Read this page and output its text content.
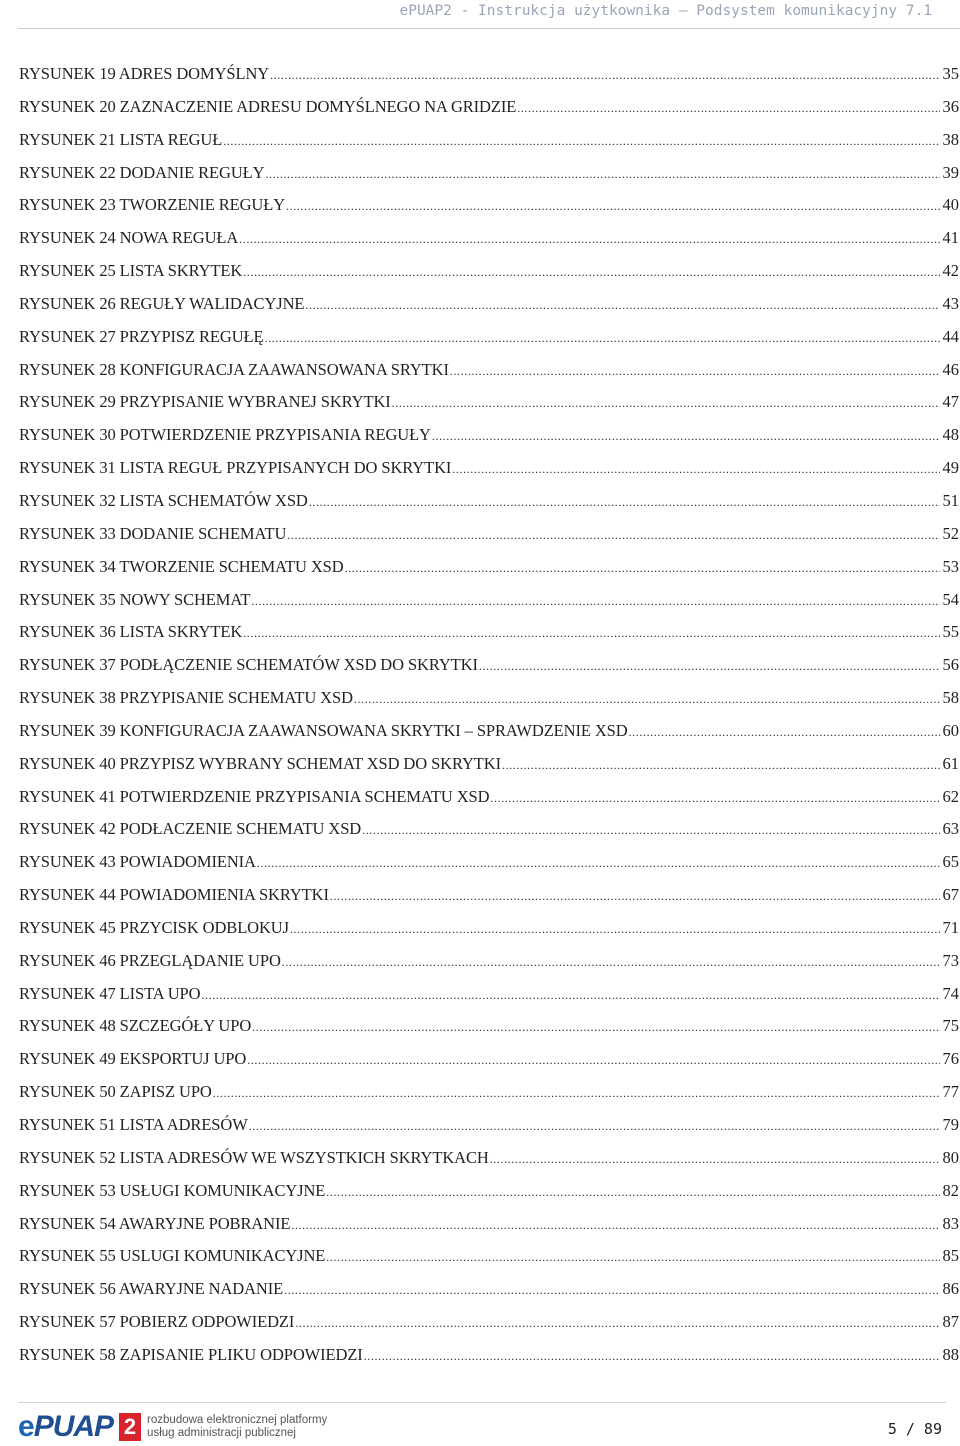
ePUAP2 - Instrukcja użytkownika – Podsystem komunikacyjny 7.1
RYSUNEK 19 ADRES DOMYŚLNY .....	35
RYSUNEK 20 ZAZNACZENIE ADRESU DOMYŚLNEGO NA GRIDZIE .....	36
RYSUNEK 21 LISTA REGUŁ .....	38
RYSUNEK 22 DODANIE REGUŁY .....	39
RYSUNEK 23 TWORZENIE REGUŁY .....	40
RYSUNEK 24 NOWA REGUŁA .....	41
RYSUNEK 25 LISTA SKRYTEK .....	42
RYSUNEK 26 REGUŁY WALIDACYJNE .....	43
RYSUNEK 27 PRZYPISZ REGUŁĘ .....	44
RYSUNEK 28 KONFIGURACJA ZAAWANSOWANA SRYTKI .....	46
RYSUNEK 29 PRZYPISANIE WYBRANEJ SKRYTKI .....	47
RYSUNEK 30 POTWIERDZENIE PRZYPISANIA REGUŁY .....	48
RYSUNEK 31 LISTA REGUŁ PRZYPISANYCH DO SKRYTKI .....	49
RYSUNEK 32 LISTA SCHEMATÓW XSD .....	51
RYSUNEK 33 DODANIE SCHEMATU .....	52
RYSUNEK 34 TWORZENIE SCHEMATU XSD .....	53
RYSUNEK 35 NOWY SCHEMAT .....	54
RYSUNEK 36 LISTA SKRYTEK .....	55
RYSUNEK 37 PODŁĄCZENIE SCHEMATÓW XSD DO SKRYTKI .....	56
RYSUNEK 38 PRZYPISANIE SCHEMATU XSD .....	58
RYSUNEK 39 KONFIGURACJA ZAAWANSOWANA SKRYTKI – SPRAWDZENIE XSD .....	60
RYSUNEK 40 PRZYPISZ WYBRANY SCHEMAT XSD DO SKRYTKI .....	61
RYSUNEK 41 POTWIERDZENIE PRZYPISANIA SCHEMATU XSD .....	62
RYSUNEK 42 PODŁACZENIE SCHEMATU XSD .....	63
RYSUNEK 43 POWIADOMIENIA .....	65
RYSUNEK 44 POWIADOMIENIA SKRYTKI .....	67
RYSUNEK 45 PRZYCISK ODBLOKUJ .....	71
RYSUNEK 46 PRZEGLĄDANIE UPO .....	73
RYSUNEK 47 LISTA UPO .....	74
RYSUNEK 48 SZCZEGÓŁY UPO .....	75
RYSUNEK 49 EKSPORTUJ UPO .....	76
RYSUNEK 50 ZAPISZ UPO .....	77
RYSUNEK 51 LISTA ADRESÓW .....	79
RYSUNEK 52 LISTA ADRESÓW WE WSZYSTKICH SKRYTKACH .....	80
RYSUNEK 53 USŁUGI KOMUNIKACYJNE .....	82
RYSUNEK 54 AWARYJNE POBRANIE .....	83
RYSUNEK 55 USLUGI KOMUNIKACYJNE .....	85
RYSUNEK 56 AWARYJNE NADANIE .....	86
RYSUNEK 57 POBIERZ ODPOWIEDZI .....	87
RYSUNEK 58 ZAPISANIE PLIKU ODPOWIEDZI .....	88
e PUAP 2 rozbudowa elektronicznej platformy
usług administracji publicznej	5 / 89
